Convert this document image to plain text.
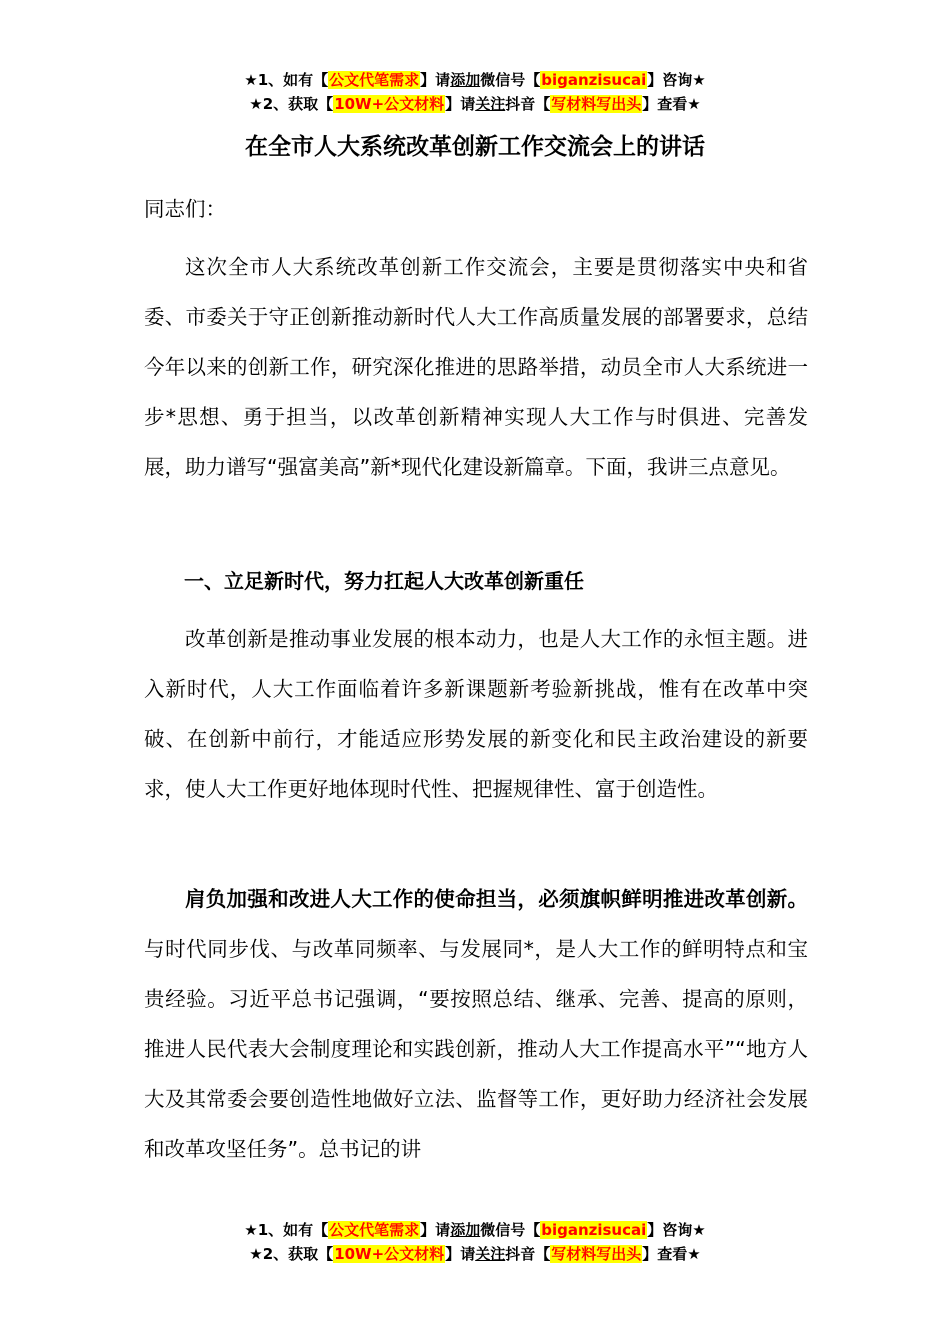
★1、如有【公文代笔需求】请添加微信号【biganzisucai】咨询★
★2、获取【10W+公文材料】请关注抖音【写材料写出头】查看★
在全市人大系统改革创新工作交流会上的讲话
同志们：

这次全市人大系统改革创新工作交流会，主要是贯彻落实中央和省委、市委关于守正创新推动新时代人大工作高质量发展的部署要求，总结今年以来的创新工作，研究深化推进的思路举措，动员全市人大系统进一步*思想、勇于担当，以改革创新精神实现人大工作与时俱进、完善发展，助力谱写“强富美高”新*现代化建设新篇章。下面，我讲三点意见。

一、立足新时代，努力扛起人大改革创新重任

改革创新是推动事业发展的根本动力，也是人大工作的永恒主题。进入新时代，人大工作面临着许多新课题新考验新挑战，惟有在改革中突破、在创新中前行，才能适应形势发展的新变化和民主政治建设的新要求，使人大工作更好地体现时代性、把握规律性、富于创造性。

肩负加强和改进人大工作的使命担当，必须旗帜鲜明推进改革创新。与时代同步伐、与改革同频率、与发展同*，是人大工作的鲜明特点和宝贵经验。习近平总书记强调，“要按照总结、继承、完善、提高的原则，推进人民代表大会制度理论和实践创新，推动人大工作提高水平”“地方人大及其常委会要创造性地做好立法、监督等工作，更好助力经济社会发展和改革攻坚任务”。总书记的讲

★1、如有【公文代笔需求】请添加微信号【biganzisucai】咨询★
★2、获取【10W+公文材料】请关注抖音【写材料写出头】查看★
